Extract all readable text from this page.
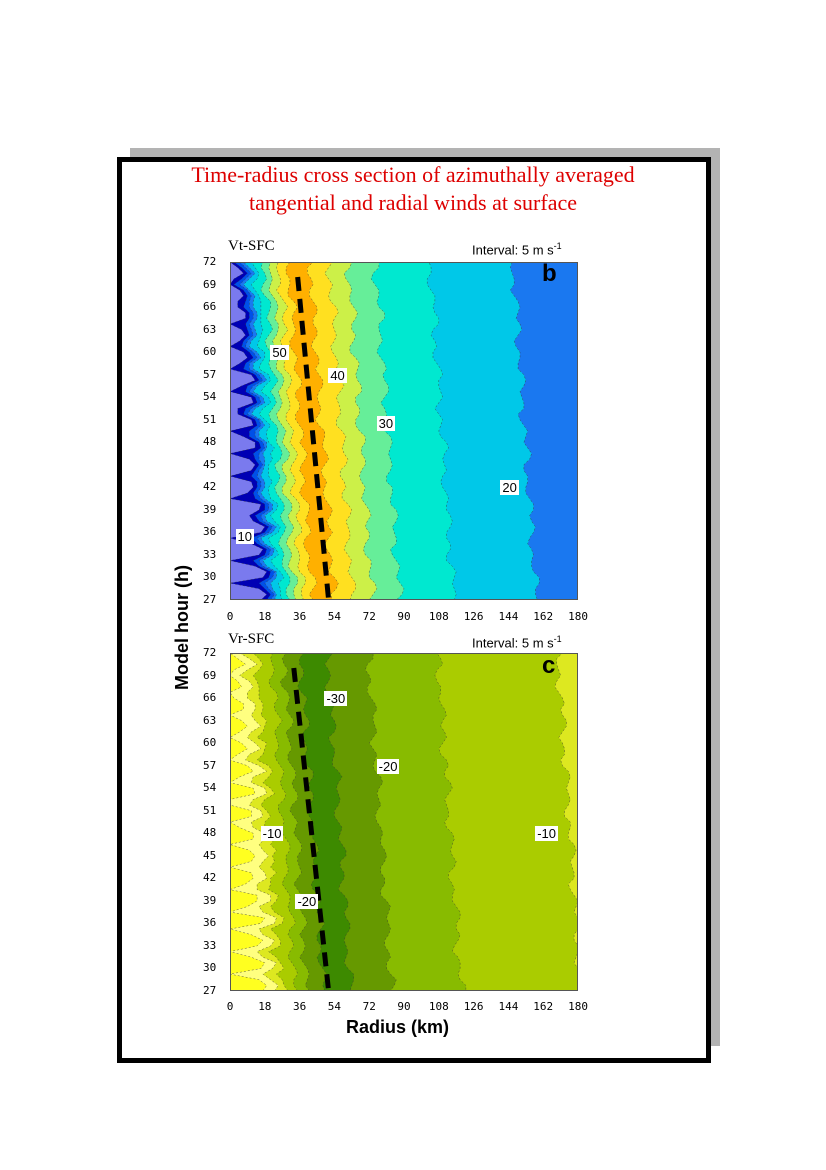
Time-radius cross section of azimuthally averaged
tangential and radial winds at surface
Vt-SFC	Interval: 5 m $s^{-1}$
b
72
69
66
63
60
57
54
51
48
45
42
39
36
33
30
27
0 18 36 54 72 90 108 126 144 162 180
50
40
30
20
10
Vr-SFC	Interval: 5 m $s^{-1}$
c
72
69
66
63
60
57
54
51
48
45
42
39
36
33
30
27
0 18 36 54 72 90 108 126 144 162 180
-30
-20
-10	-10
-20
Model hour (h)
Radius (km)
